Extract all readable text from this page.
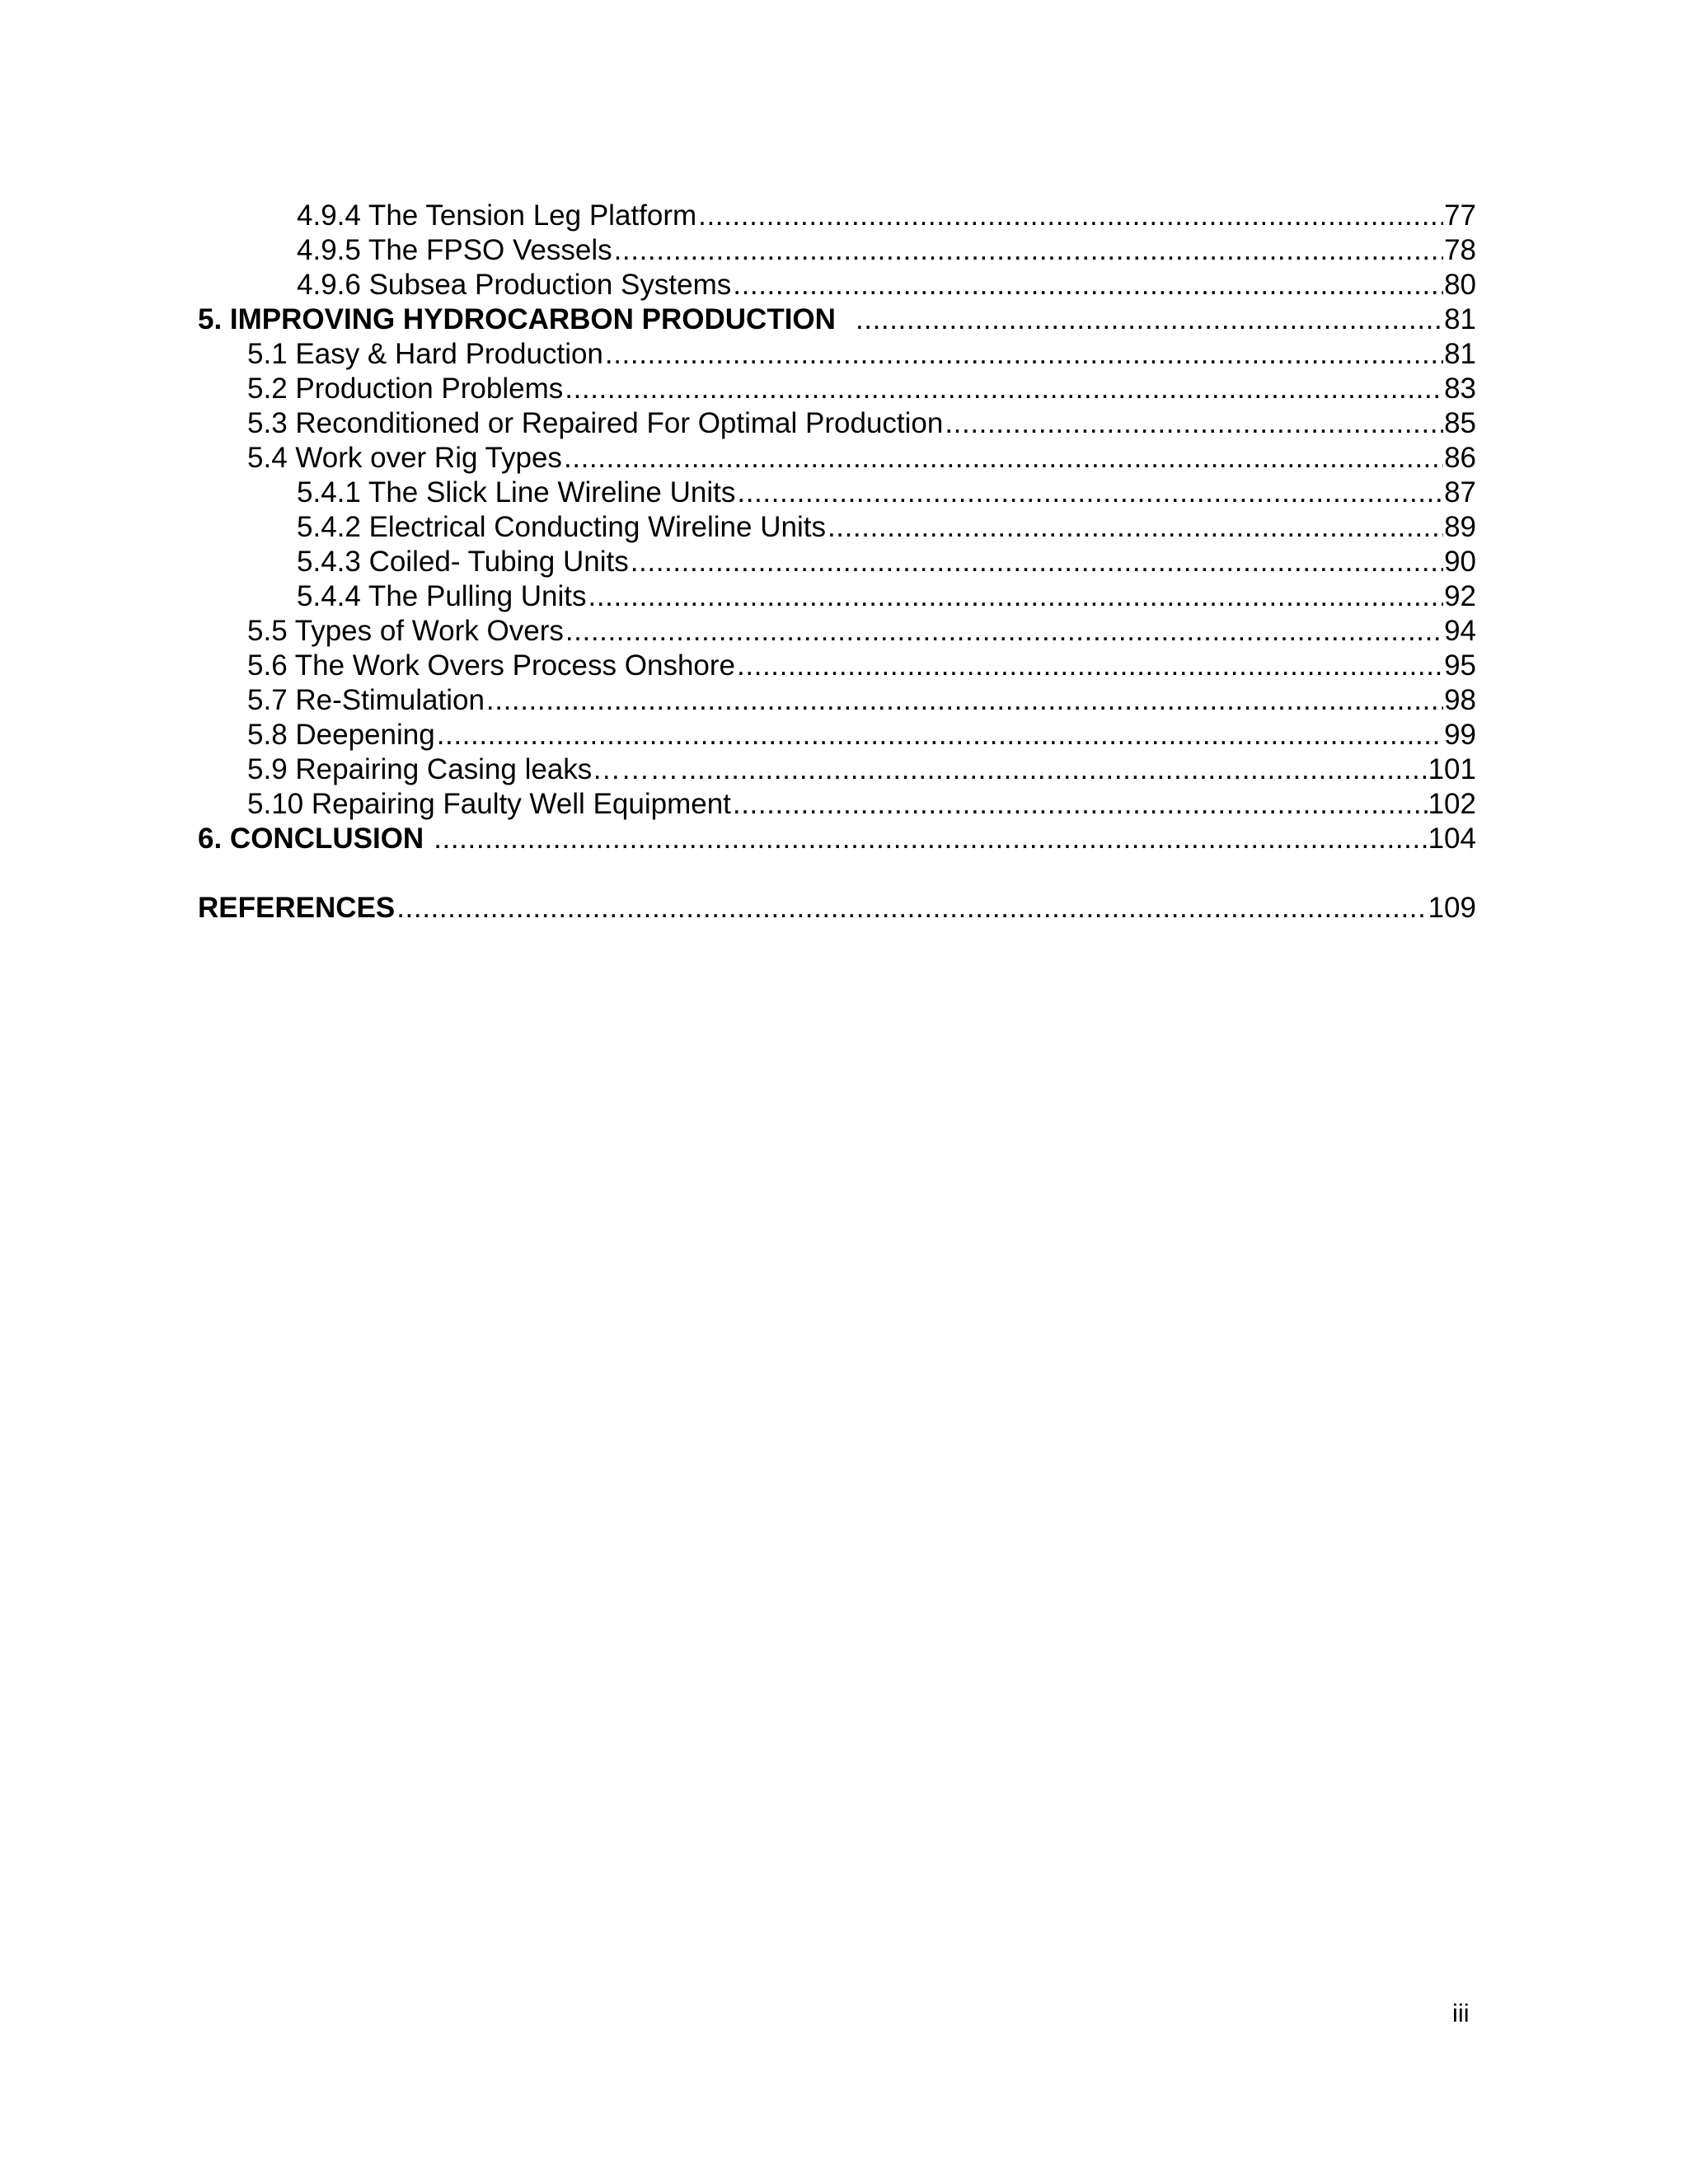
4.9.4 The Tension Leg Platform .....	77
4.9.5 The FPSO Vessels .....	78
4.9.6 Subsea Production Systems .....	80
5. IMPROVING HYDROCARBON PRODUCTION .....	81
5.1 Easy & Hard Production .....	81
5.2 Production Problems .....	83
5.3 Reconditioned or Repaired For Optimal Production .....	85
5.4 Work over Rig Types .....	86
5.4.1 The Slick Line Wireline Units .....	87
5.4.2 Electrical Conducting Wireline Units .....	89
5.4.3 Coiled- Tubing Units .....	90
5.4.4 The Pulling Units .....	92
5.5 Types of Work Overs .....	94
5.6 The Work Overs Process Onshore .....	95
5.7 Re-Stimulation .....	98
5.8 Deepening .....	99
5.9 Repairing Casing leaks……… .....	101
5.10 Repairing Faulty Well Equipment .....	102
6. CONCLUSION .....	104
REFERENCES .....	109
iii
